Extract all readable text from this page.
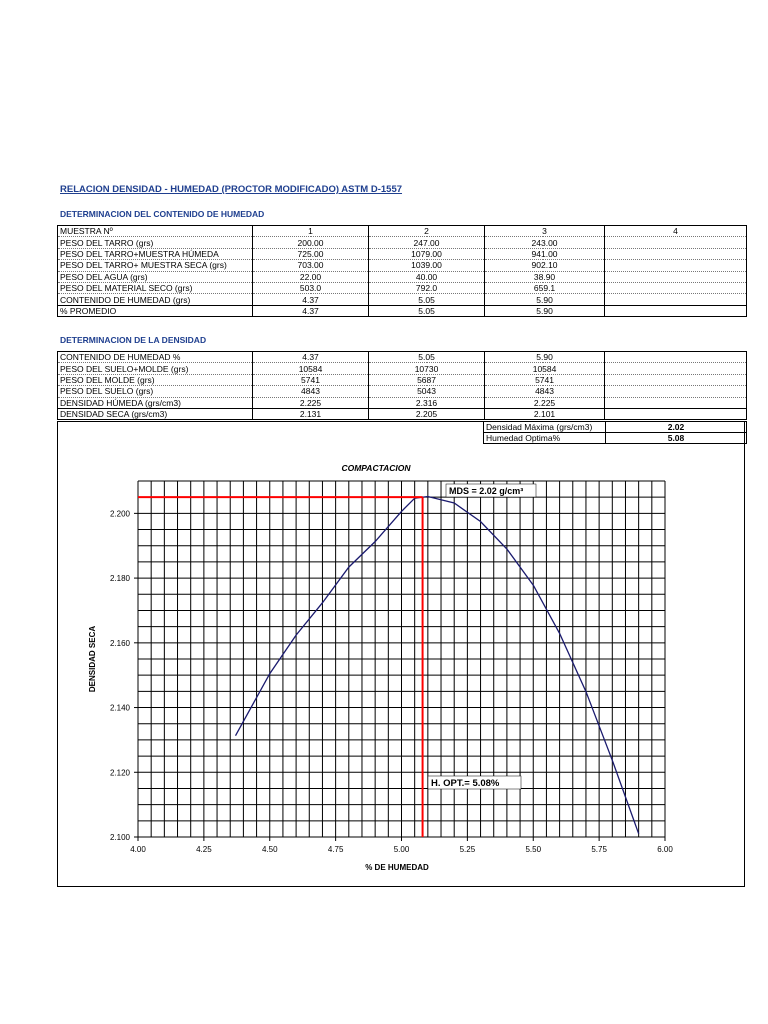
RELACION DENSIDAD - HUMEDAD (PROCTOR MODIFICADO) ASTM D-1557
DETERMINACION DEL CONTENIDO DE HUMEDAD
MUESTRA Nº	1	2	3	4
PESO DEL TARRO (grs)	200.00	247.00	243.00	
PESO DEL TARRO+MUESTRA HÚMEDA	725.00	1079.00	941.00	
PESO DEL TARRO+ MUESTRA SECA (grs)	703.00	1039.00	902.10	
PESO DEL AGUA (grs)	22.00	40.00	38.90	
PESO DEL MATERIAL SECO (grs)	503.0	792.0	659.1	
CONTENIDO DE HUMEDAD (grs)	4.37	5.05	5.90	
% PROMEDIO	4.37	5.05	5.90	
DETERMINACION DE LA DENSIDAD
CONTENIDO DE HUMEDAD %	4.37	5.05	5.90	
PESO DEL SUELO+MOLDE (grs)	10584	10730	10584	
PESO DEL MOLDE (grs)	5741	5687	5741	
PESO DEL SUELO (grs)	4843	5043	4843	
DENSIDAD HÚMEDA (grs/cm3)	2.225	2.316	2.225	
DENSIDAD SECA (grs/cm3)	2.131	2.205	2.101	
COMPACTACION
4.00	4.25	4.50	4.75	5.00	5.25	5.50	5.75	6.00
2.100
2.120
2.140
2.160
2.180
2.200
% DE HUMEDAD
DENSIDAD SECA
MDS = 2.02 g/cm³
H. OPT.= 5.08%
Densidad Máxima (grs/cm3)	2.02
Humedad Optima%	5.08
